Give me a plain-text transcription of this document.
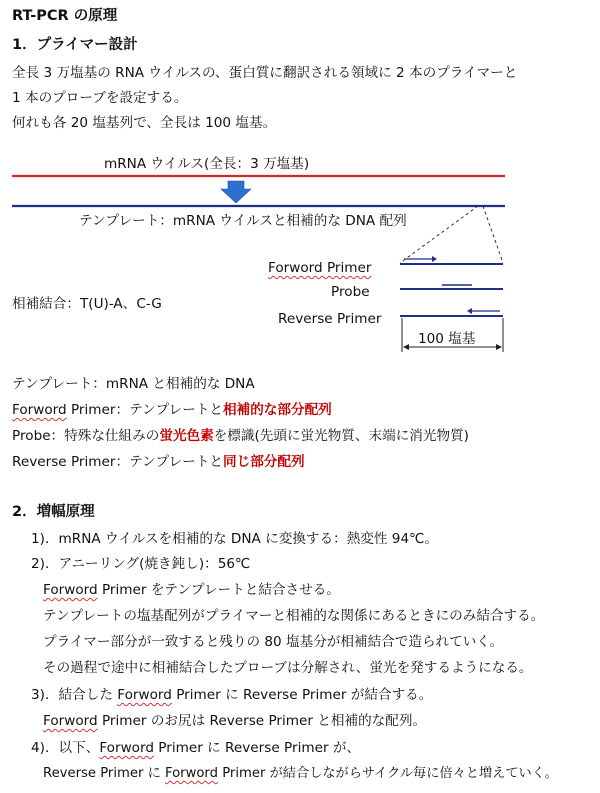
RT-PCR の原理
1．プライマー設計
全長 3 万塩基の RNA ウイルスの、蛋白質に翻訳される領域に 2 本のプライマーと
1 本のプローブを設定する。
何れも各 20 塩基列で、全長は 100 塩基。
mRNA ウイルス(全長：3 万塩基)
テンプレート：mRNA ウイルスと相補的な DNA 配列
Forword Primer
Probe
Reverse Primer
相補結合：T(U)-A、C-G
100 塩基
テンプレート：mRNA と相補的な DNA
Forword Primer：テンプレートと相補的な部分配列
Probe：特殊な仕組みの蛍光色素を標識(先頭に蛍光物質、末端に消光物質)
Reverse Primer：テンプレートと同じ部分配列
2．増幅原理
1)．mRNA ウイルスを相補的な DNA に変換する：熱変性 94℃。
2)．アニーリング(焼き鈍し)：56℃
Forword Primer をテンプレートと結合させる。
テンプレートの塩基配列がプライマーと相補的な関係にあるときにのみ結合する。
プライマー部分が一致すると残りの 80 塩基分が相補結合で造られていく。
その過程で途中に相補結合したプローブは分解され、蛍光を発するようになる。
3)．結合した Forword Primer に Reverse Primer が結合する。
Forword Primer のお尻は Reverse Primer と相補的な配列。
4)．以下、Forword Primer に Reverse Primer が、
Reverse Primer に Forword Primer が結合しながらサイクル毎に倍々と増えていく。
